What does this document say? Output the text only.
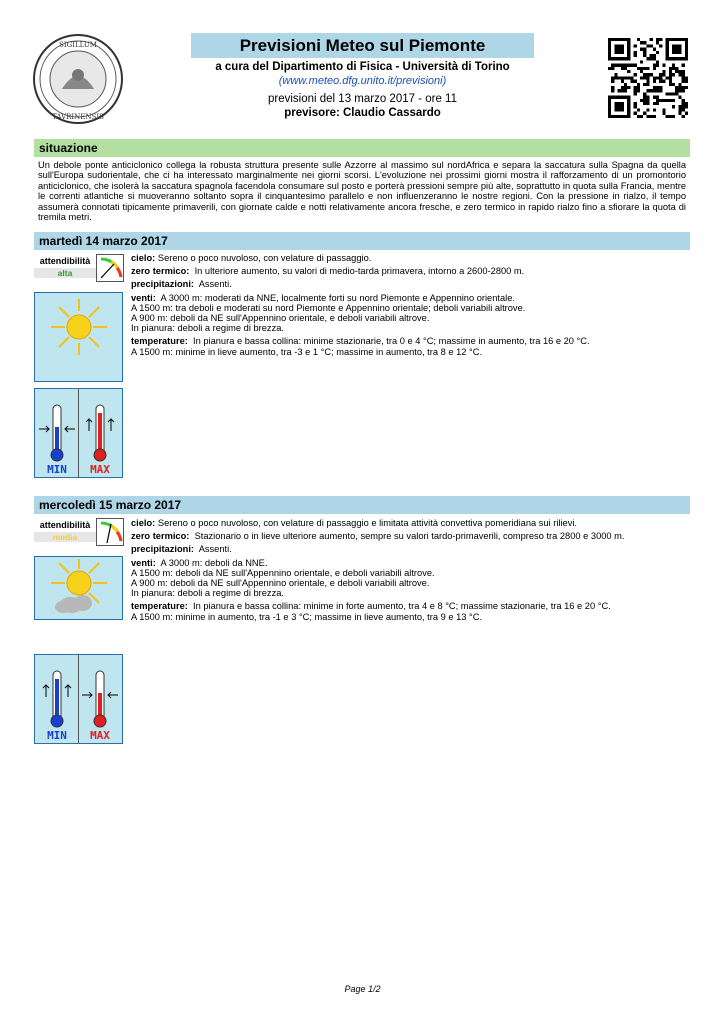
SIGILLUM
TAVRINENSIS
Previsioni Meteo sul Piemonte
a cura del Dipartimento di Fisica - Università di Torino
(www.meteo.dfg.unito.it/previsioni)
previsioni del 13 marzo 2017 - ore 11
previsore: Claudio Cassardo
situazione
Un debole ponte anticiclonico collega la robusta struttura presente sulle Azzorre al massimo sul nordAfrica e separa la saccatura sulla Spagna da quella sull'Europa sudorientale, che ci ha interessato marginalmente nei giorni scorsi. L'evoluzione nei prossimi giorni mostra il rafforzamento di un promontorio anticiclonico, che isolerà la saccatura spagnola facendola consumare sul posto e porterà pressioni sempre più alte, soprattutto in quota sulla Francia, mentre le correnti atlantiche si muoveranno soltanto sopra il cinquantesimo parallelo e non influenzeranno le nostre regioni. Con la pressione in rialzo, il tempo assumerà connotati tipicamente primaverili, con giornate calde e notti relativamente ancora fresche, e zero termico in rapido rialzo fino a sfiorare la quota di tremila metri.
martedì 14 marzo 2017
attendibilità
alta
MIN MAX

cielo: Sereno o poco nuvoloso, con velature di passaggio.

zero termico: In ulteriore aumento, su valori di medio-tarda primavera, intorno a 2600-2800 m.

precipitazioni: Assenti.

venti: A 3000 m: moderati da NNE, localmente forti su nord Piemonte e Appennino orientale.

A 1500 m: tra deboli e moderati su nord Piemonte e Appennino orientale; deboli variabili altrove.

A 900 m: deboli da NE sull'Appennino orientale, e deboli variabili altrove.

In pianura: deboli a regime di brezza.

temperature: In pianura e bassa collina: minime stazionarie, tra 0 e 4 °C; massime in aumento, tra 16 e 20 °C.

A 1500 m: minime in lieve aumento, tra -3 e 1 °C; massime in aumento, tra 8 e 12 °C.

mercoledì 15 marzo 2017
attendibilità
media
MIN MAX

cielo: Sereno o poco nuvoloso, con velature di passaggio e limitata attività convettiva pomeridiana sui rilievi.

zero termico: Stazionario o in lieve ulteriore aumento, sempre su valori tardo-primaverili, compreso tra 2800 e 3000 m.

precipitazioni: Assenti.

venti: A 3000 m: deboli da NNE.

A 1500 m: deboli da NE sull'Appennino orientale, e deboli variabili altrove.

A 900 m: deboli da NE sull'Appennino orientale, e deboli variabili altrove.

In pianura: deboli a regime di brezza.

temperature: In pianura e bassa collina: minime in forte aumento, tra 4 e 8 °C; massime stazionarie, tra 16 e 20 °C.

A 1500 m: minime in aumento, tra -1 e 3 °C; massime in lieve aumento, tra 9 e 13 °C.

Page 1/2
